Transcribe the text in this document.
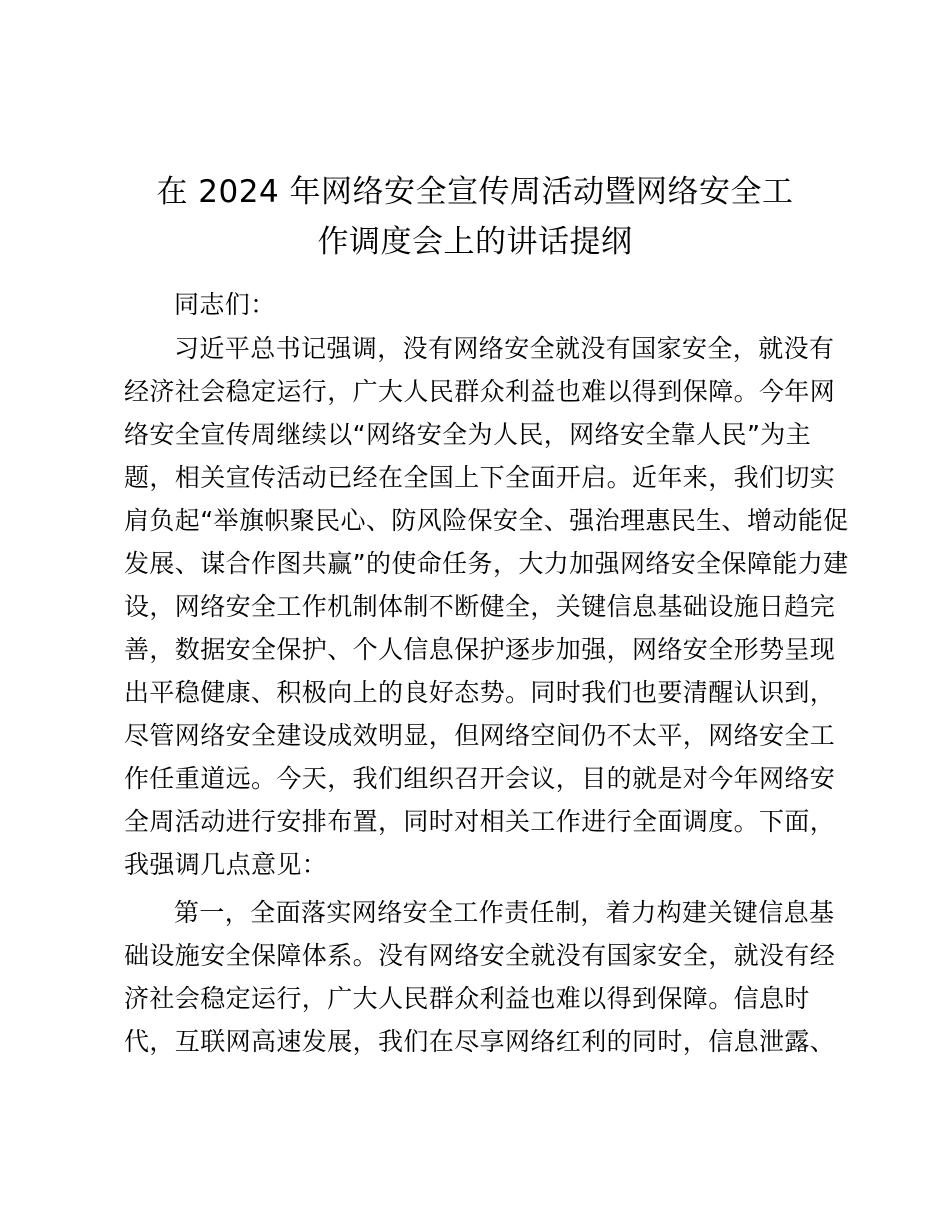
在 2024 年网络安全宣传周活动暨网络安全工
作调度会上的讲话提纲
同志们：
习近平总书记强调，没有网络安全就没有国家安全，就没有
经济社会稳定运行，广大人民群众利益也难以得到保障。今年网
络安全宣传周继续以“网络安全为人民，网络安全靠人民”为主
题，相关宣传活动已经在全国上下全面开启。近年来，我们切实
肩负起“举旗帜聚民心、防风险保安全、强治理惠民生、增动能促
发展、谋合作图共赢”的使命任务，大力加强网络安全保障能力建
设，网络安全工作机制体制不断健全，关键信息基础设施日趋完
善，数据安全保护、个人信息保护逐步加强，网络安全形势呈现
出平稳健康、积极向上的良好态势。同时我们也要清醒认识到，
尽管网络安全建设成效明显，但网络空间仍不太平，网络安全工
作任重道远。今天，我们组织召开会议，目的就是对今年网络安
全周活动进行安排布置，同时对相关工作进行全面调度。下面，
我强调几点意见：
第一，全面落实网络安全工作责任制，着力构建关键信息基
础设施安全保障体系。没有网络安全就没有国家安全，就没有经
济社会稳定运行，广大人民群众利益也难以得到保障。信息时
代，互联网高速发展，我们在尽享网络红利的同时，信息泄露、
